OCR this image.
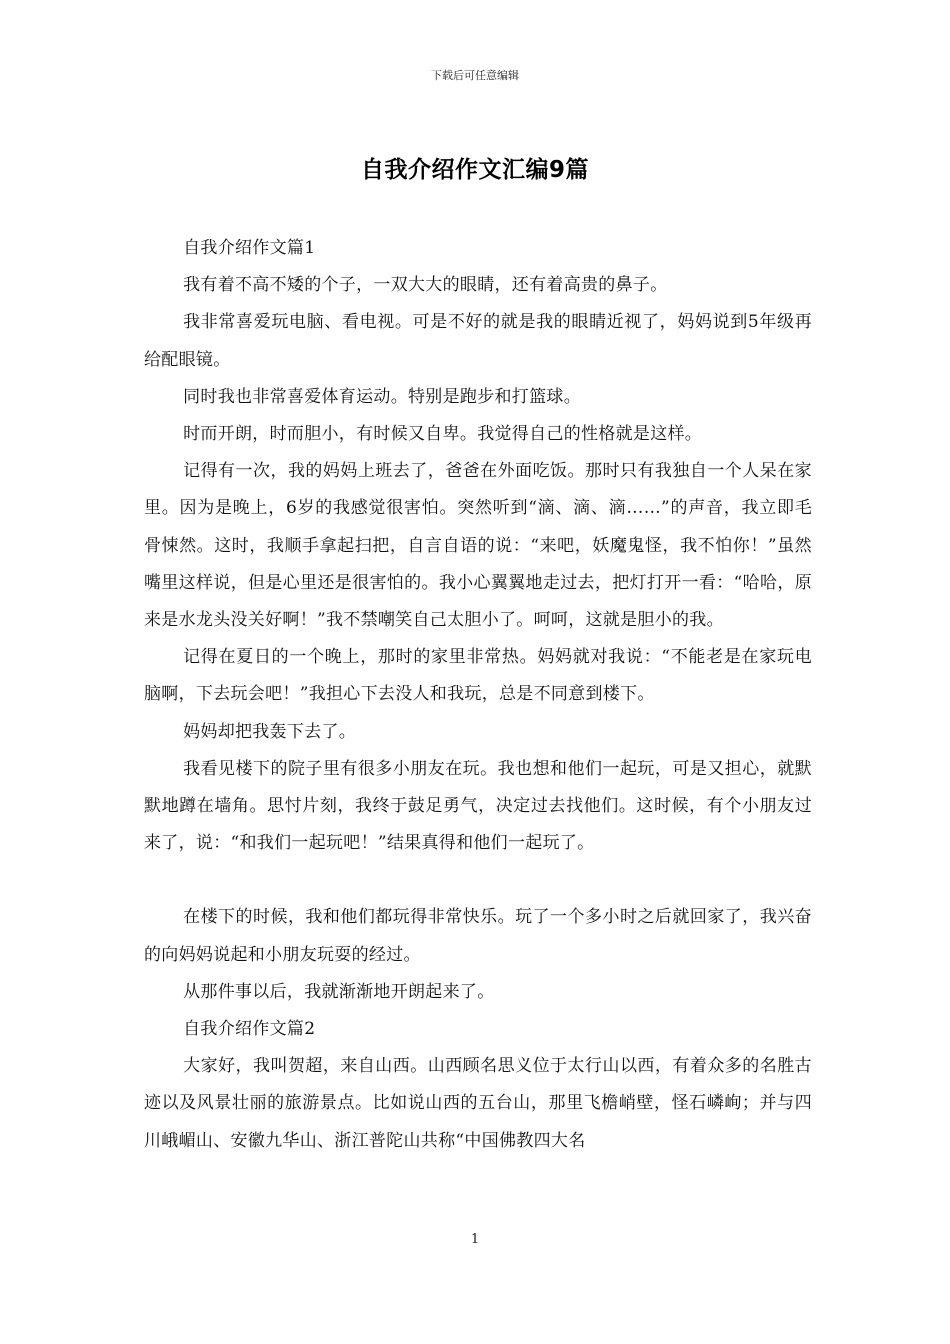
下载后可任意编辑
自我介绍作文汇编9篇

自我介绍作文篇1

我有着不高不矮的个子，一双大大的眼睛，还有着高贵的鼻子。

我非常喜爱玩电脑、看电视。可是不好的就是我的眼睛近视了，妈妈说到5年级再给配眼镜。

同时我也非常喜爱体育运动。特别是跑步和打篮球。

时而开朗，时而胆小，有时候又自卑。我觉得自己的性格就是这样。

记得有一次，我的妈妈上班去了，爸爸在外面吃饭。那时只有我独自一个人呆在家里。因为是晚上，6岁的我感觉很害怕。突然听到“滴、滴、滴……”的声音，我立即毛骨悚然。这时，我顺手拿起扫把，自言自语的说：“来吧，妖魔鬼怪，我不怕你！”虽然嘴里这样说，但是心里还是很害怕的。我小心翼翼地走过去，把灯打开一看：“哈哈，原来是水龙头没关好啊！”我不禁嘲笑自己太胆小了。呵呵，这就是胆小的我。

记得在夏日的一个晚上，那时的家里非常热。妈妈就对我说：“不能老是在家玩电脑啊，下去玩会吧！”我担心下去没人和我玩，总是不同意到楼下。

妈妈却把我轰下去了。

我看见楼下的院子里有很多小朋友在玩。我也想和他们一起玩，可是又担心，就默默地蹲在墙角。思忖片刻，我终于鼓足勇气，决定过去找他们。这时候，有个小朋友过来了，说：“和我们一起玩吧！”结果真得和他们一起玩了。

在楼下的时候，我和他们都玩得非常快乐。玩了一个多小时之后就回家了，我兴奋的向妈妈说起和小朋友玩耍的经过。

从那件事以后，我就渐渐地开朗起来了。

自我介绍作文篇2

大家好，我叫贺超，来自山西。山西顾名思义位于太行山以西，有着众多的名胜古迹以及风景壮丽的旅游景点。比如说山西的五台山，那里飞檐峭壁，怪石嶙峋；并与四川峨嵋山、安徽九华山、浙江普陀山共称“中国佛教四大名

1
